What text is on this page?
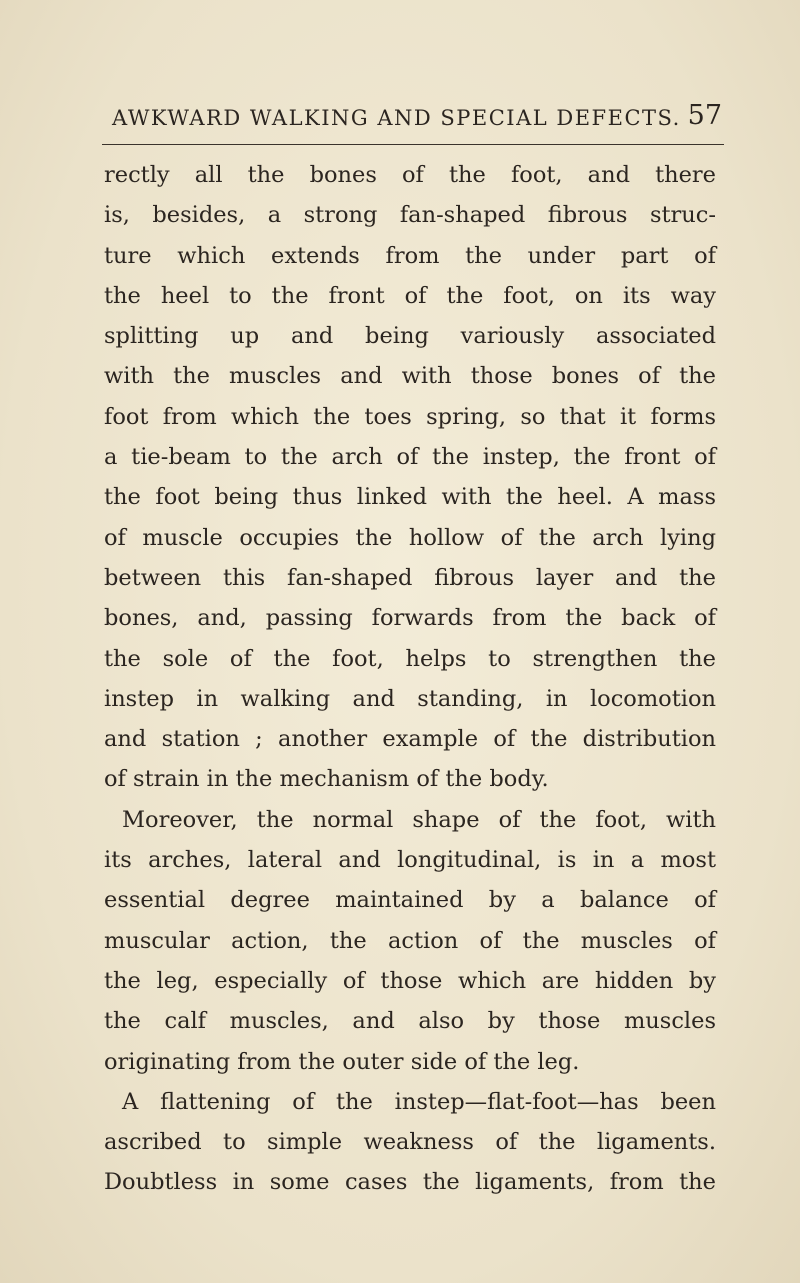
AWKWARD WALKING AND SPECIAL DEFECTS. 57
rectly all the bones of the foot, and there
is, besides, a strong fan-shaped fibrous struc-
ture which extends from the under part of
the heel to the front of the foot, on its way
splitting up and being variously associated
with the muscles and with those bones of the
foot from which the toes spring, so that it forms
a tie-beam to the arch of the instep, the front of
the foot being thus linked with the heel. A mass
of muscle occupies the hollow of the arch lying
between this fan-shaped fibrous layer and the
bones, and, passing forwards from the back of
the sole of the foot, helps to strengthen the
instep in walking and standing, in locomotion
and station ; another example of the distribution
of strain in the mechanism of the body.
Moreover, the normal shape of the foot, with
its arches, lateral and longitudinal, is in a most
essential degree maintained by a balance of
muscular action, the action of the muscles of
the leg, especially of those which are hidden by
the calf muscles, and also by those muscles
originating from the outer side of the leg.
A flattening of the instep—flat-foot—has been
ascribed to simple weakness of the ligaments.
Doubtless in some cases the ligaments, from the
